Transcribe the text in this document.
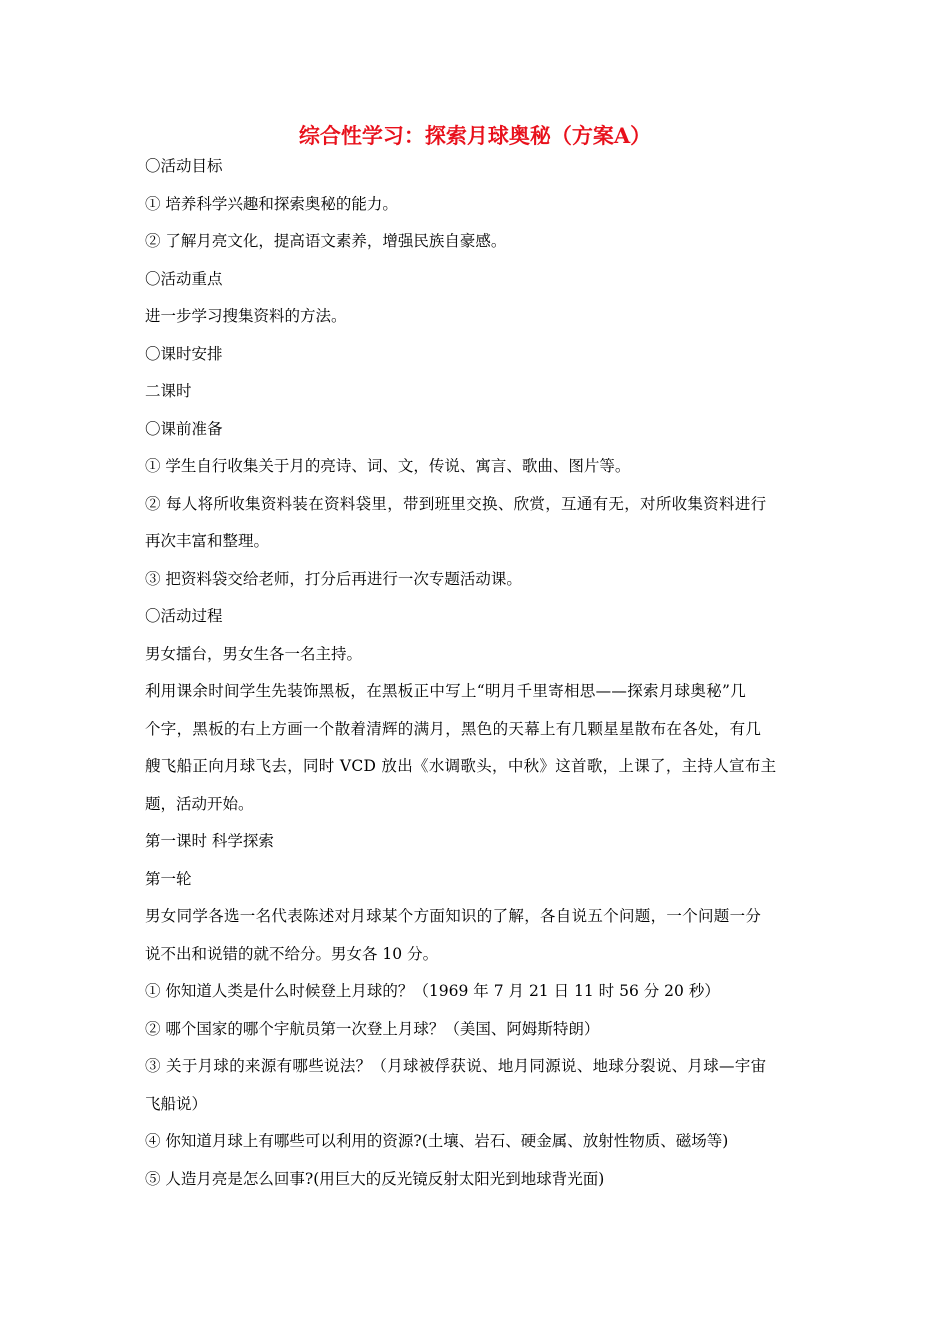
综合性学习：探索月球奥秘（方案A）
〇活动目标
① 培养科学兴趣和探索奥秘的能力。
② 了解月亮文化，提高语文素养，增强民族自豪感。
〇活动重点
进一步学习搜集资料的方法。
〇课时安排
二课时
〇课前准备
① 学生自行收集关于月的亮诗、词、文，传说、寓言、歌曲、图片等。
② 每人将所收集资料装在资料袋里，带到班里交换、欣赏，互通有无，对所收集资料进行
再次丰富和整理。
③ 把资料袋交给老师，打分后再进行一次专题活动课。
〇活动过程
男女擂台，男女生各一名主持。
利用课余时间学生先装饰黑板，在黑板正中写上“明月千里寄相思——探索月球奥秘”几
个字，黑板的右上方画一个散着清辉的满月，黑色的天幕上有几颗星星散布在各处，有几
艘飞船正向月球飞去，同时 VCD 放出《水调歌头，中秋》这首歌，上课了，主持人宣布主
题，活动开始。
第一课时 科学探索
第一轮
男女同学各选一名代表陈述对月球某个方面知识的了解，各自说五个问题，一个问题一分
说不出和说错的就不给分。男女各 10 分。
① 你知道人类是什么时候登上月球的？（1969 年 7 月 21 日 11 时 56 分 20 秒）
② 哪个国家的哪个宇航员第一次登上月球？（美国、阿姆斯特朗）
③ 关于月球的来源有哪些说法？（月球被俘获说、地月同源说、地球分裂说、月球—宇宙
飞船说）
④ 你知道月球上有哪些可以利用的资源?(土壤、岩石、硬金属、放射性物质、磁场等)
⑤ 人造月亮是怎么回事?(用巨大的反光镜反射太阳光到地球背光面)
